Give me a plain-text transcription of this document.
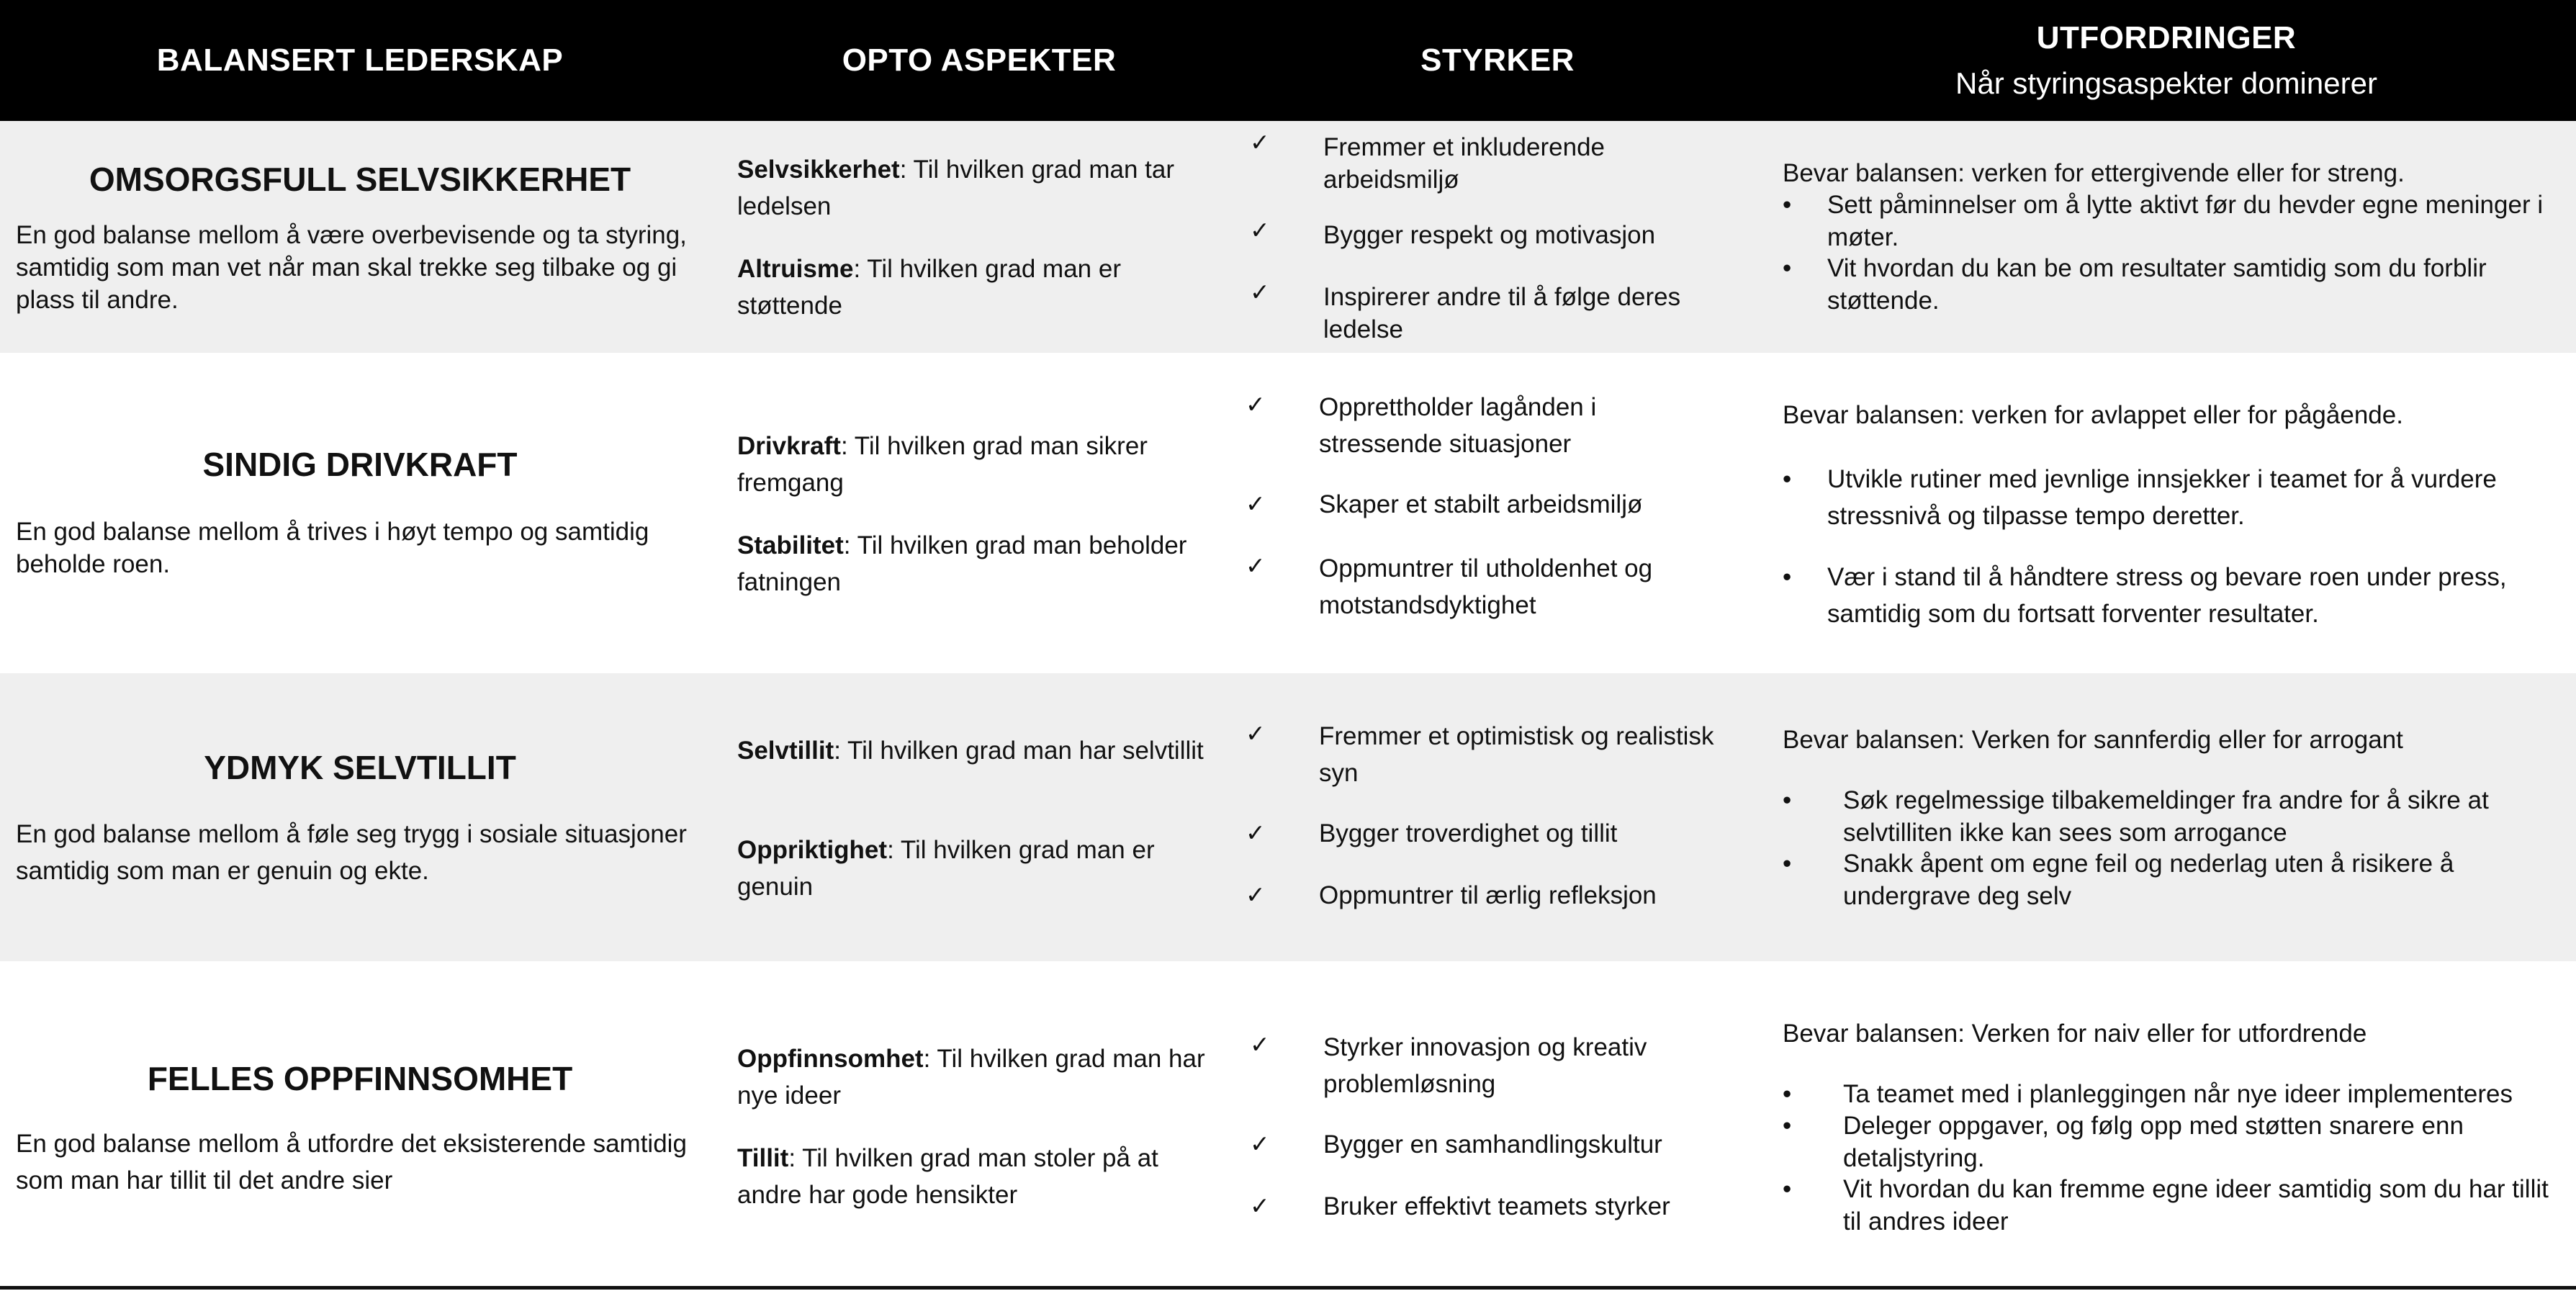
BALANSERT LEDERSKAP	OPTO ASPEKTER	STYRKER
UTFORDRINGER
Når styringsaspekter dominerer
OMSORGSFULL SELVSIKKERHET
En god balanse mellom å være overbevisende og ta styring, samtidig som man vet når man skal trekke seg tilbake og gi plass til andre.
Selvsikkerhet: Til hvilken grad man tar ledelsen
Altruisme: Til hvilken grad man er støttende
✓ Fremmer et inkluderende arbeidsmiljø
✓ Bygger respekt og motivasjon
✓ Inspirerer andre til å følge deres ledelse
Bevar balansen: verken for ettergivende eller for streng.
• Sett påminnelser om å lytte aktivt før du hevder egne meninger i møter.
• Vit hvordan du kan be om resultater samtidig som du forblir støttende.
SINDIG DRIVKRAFT
En god balanse mellom å trives i høyt tempo og samtidig beholde roen.
Drivkraft: Til hvilken grad man sikrer fremgang
Stabilitet: Til hvilken grad man beholder fatningen
✓ Opprettholder lagånden i stressende situasjoner
✓ Skaper et stabilt arbeidsmiljø
✓ Oppmuntrer til utholdenhet og motstandsdyktighet
Bevar balansen: verken for avlappet eller for pågående.
• Utvikle rutiner med jevnlige innsjekker i teamet for å vurdere stressnivå og tilpasse tempo deretter.
• Vær i stand til å håndtere stress og bevare roen under press, samtidig som du fortsatt forventer resultater.
YDMYK SELVTILLIT
En god balanse mellom å føle seg trygg i sosiale situasjoner samtidig som man er genuin og ekte.
Selvtillit: Til hvilken grad man har selvtillit
Oppriktighet: Til hvilken grad man er genuin
✓ Fremmer et optimistisk og realistisk syn
✓ Bygger troverdighet og tillit
✓ Oppmuntrer til ærlig refleksjon
Bevar balansen: Verken for sannferdig eller for arrogant
• Søk regelmessige tilbakemeldinger fra andre for å sikre at selvtilliten ikke kan sees som arrogance
• Snakk åpent om egne feil og nederlag uten å risikere å undergrave deg selv
FELLES OPPFINNSOMHET
En god balanse mellom å utfordre det eksisterende samtidig som man har tillit til det andre sier
Oppfinnsomhet: Til hvilken grad man har nye ideer
Tillit: Til hvilken grad man stoler på at andre har gode hensikter
✓ Styrker innovasjon og kreativ problemløsning
✓ Bygger en samhandlingskultur
✓ Bruker effektivt teamets styrker
Bevar balansen: Verken for naiv eller for utfordrende
• Ta teamet med i planleggingen når nye ideer implementeres
• Deleger oppgaver, og følg opp med støtten snarere enn detaljstyring.
• Vit hvordan du kan fremme egne ideer samtidig som du har tillit til andres ideer
